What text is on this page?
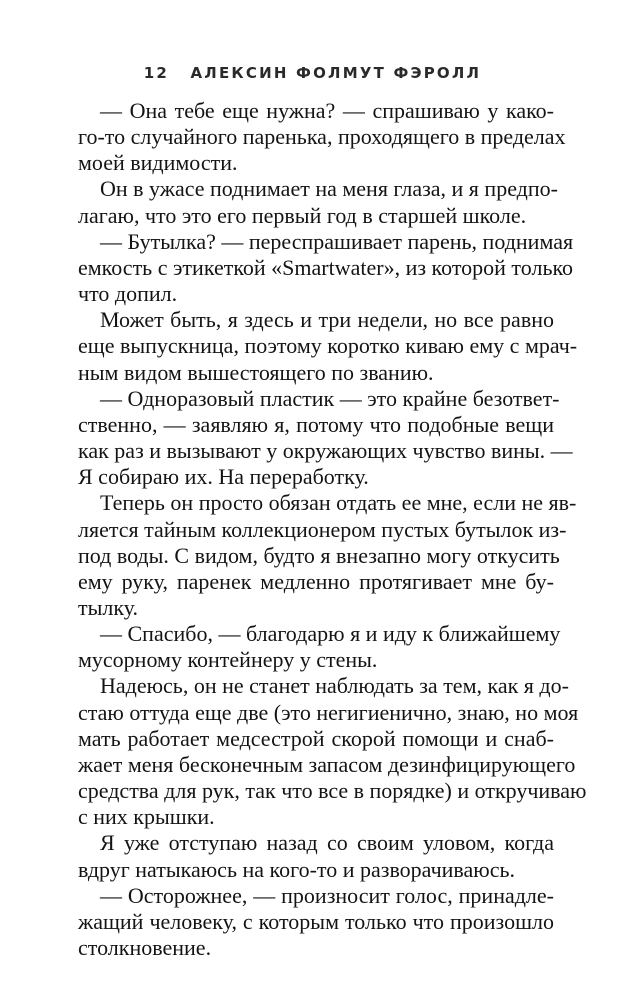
12 АЛЕКСИН ФОЛМУТ ФЭРОЛЛ
— Она тебе еще нужна? — спрашиваю у како-
го-то случайного паренька, проходящего в пределах
моей видимости.
Он в ужасе поднимает на меня глаза, и я предпо-
лагаю, что это его первый год в старшей школе.
— Бутылка? — переспрашивает парень, поднимая
емкость с этикеткой «Smartwater», из которой только
что допил.
Может быть, я здесь и три недели, но все равно
еще выпускница, поэтому коротко киваю ему с мрач-
ным видом вышестоящего по званию.
— Одноразовый пластик — это крайне безответ-
ственно, — заявляю я, потому что подобные вещи
как раз и вызывают у окружающих чувство вины. —
Я собираю их. На переработку.
Теперь он просто обязан отдать ее мне, если не яв-
ляется тайным коллекционером пустых бутылок из-
под воды. С видом, будто я внезапно могу откусить
ему руку, паренек медленно протягивает мне бу-
тылку.
— Спасибо, — благодарю я и иду к ближайшему
мусорному контейнеру у стены.
Надеюсь, он не станет наблюдать за тем, как я до-
стаю оттуда еще две (это негигиенично, знаю, но моя
мать работает медсестрой скорой помощи и снаб-
жает меня бесконечным запасом дезинфицирующего
средства для рук, так что все в порядке) и откручиваю
с них крышки.
Я уже отступаю назад со своим уловом, когда
вдруг натыкаюсь на кого-то и разворачиваюсь.
— Осторожнее, — произносит голос, принадле-
жащий человеку, с которым только что произошло
столкновение.
